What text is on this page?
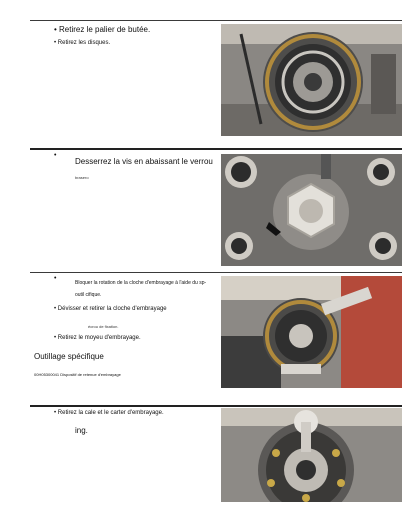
• Retirez le palier de butée.
• Retirez les disques.
•
Desserrez la vis en abaissant le verrou
brasero
•
Bloquer la rotation de la cloche d'embrayage à l'aide du sp-
outil cifique.
• Dévisser et retirer la cloche d'embrayage
écrou de fixation.
• Retirez le moyeu d'embrayage.
Outillage spécifique
00H05300041 Dispositif de retenue d'embrayage
• Retirez la cale et le carter d'embrayage.
ing.
